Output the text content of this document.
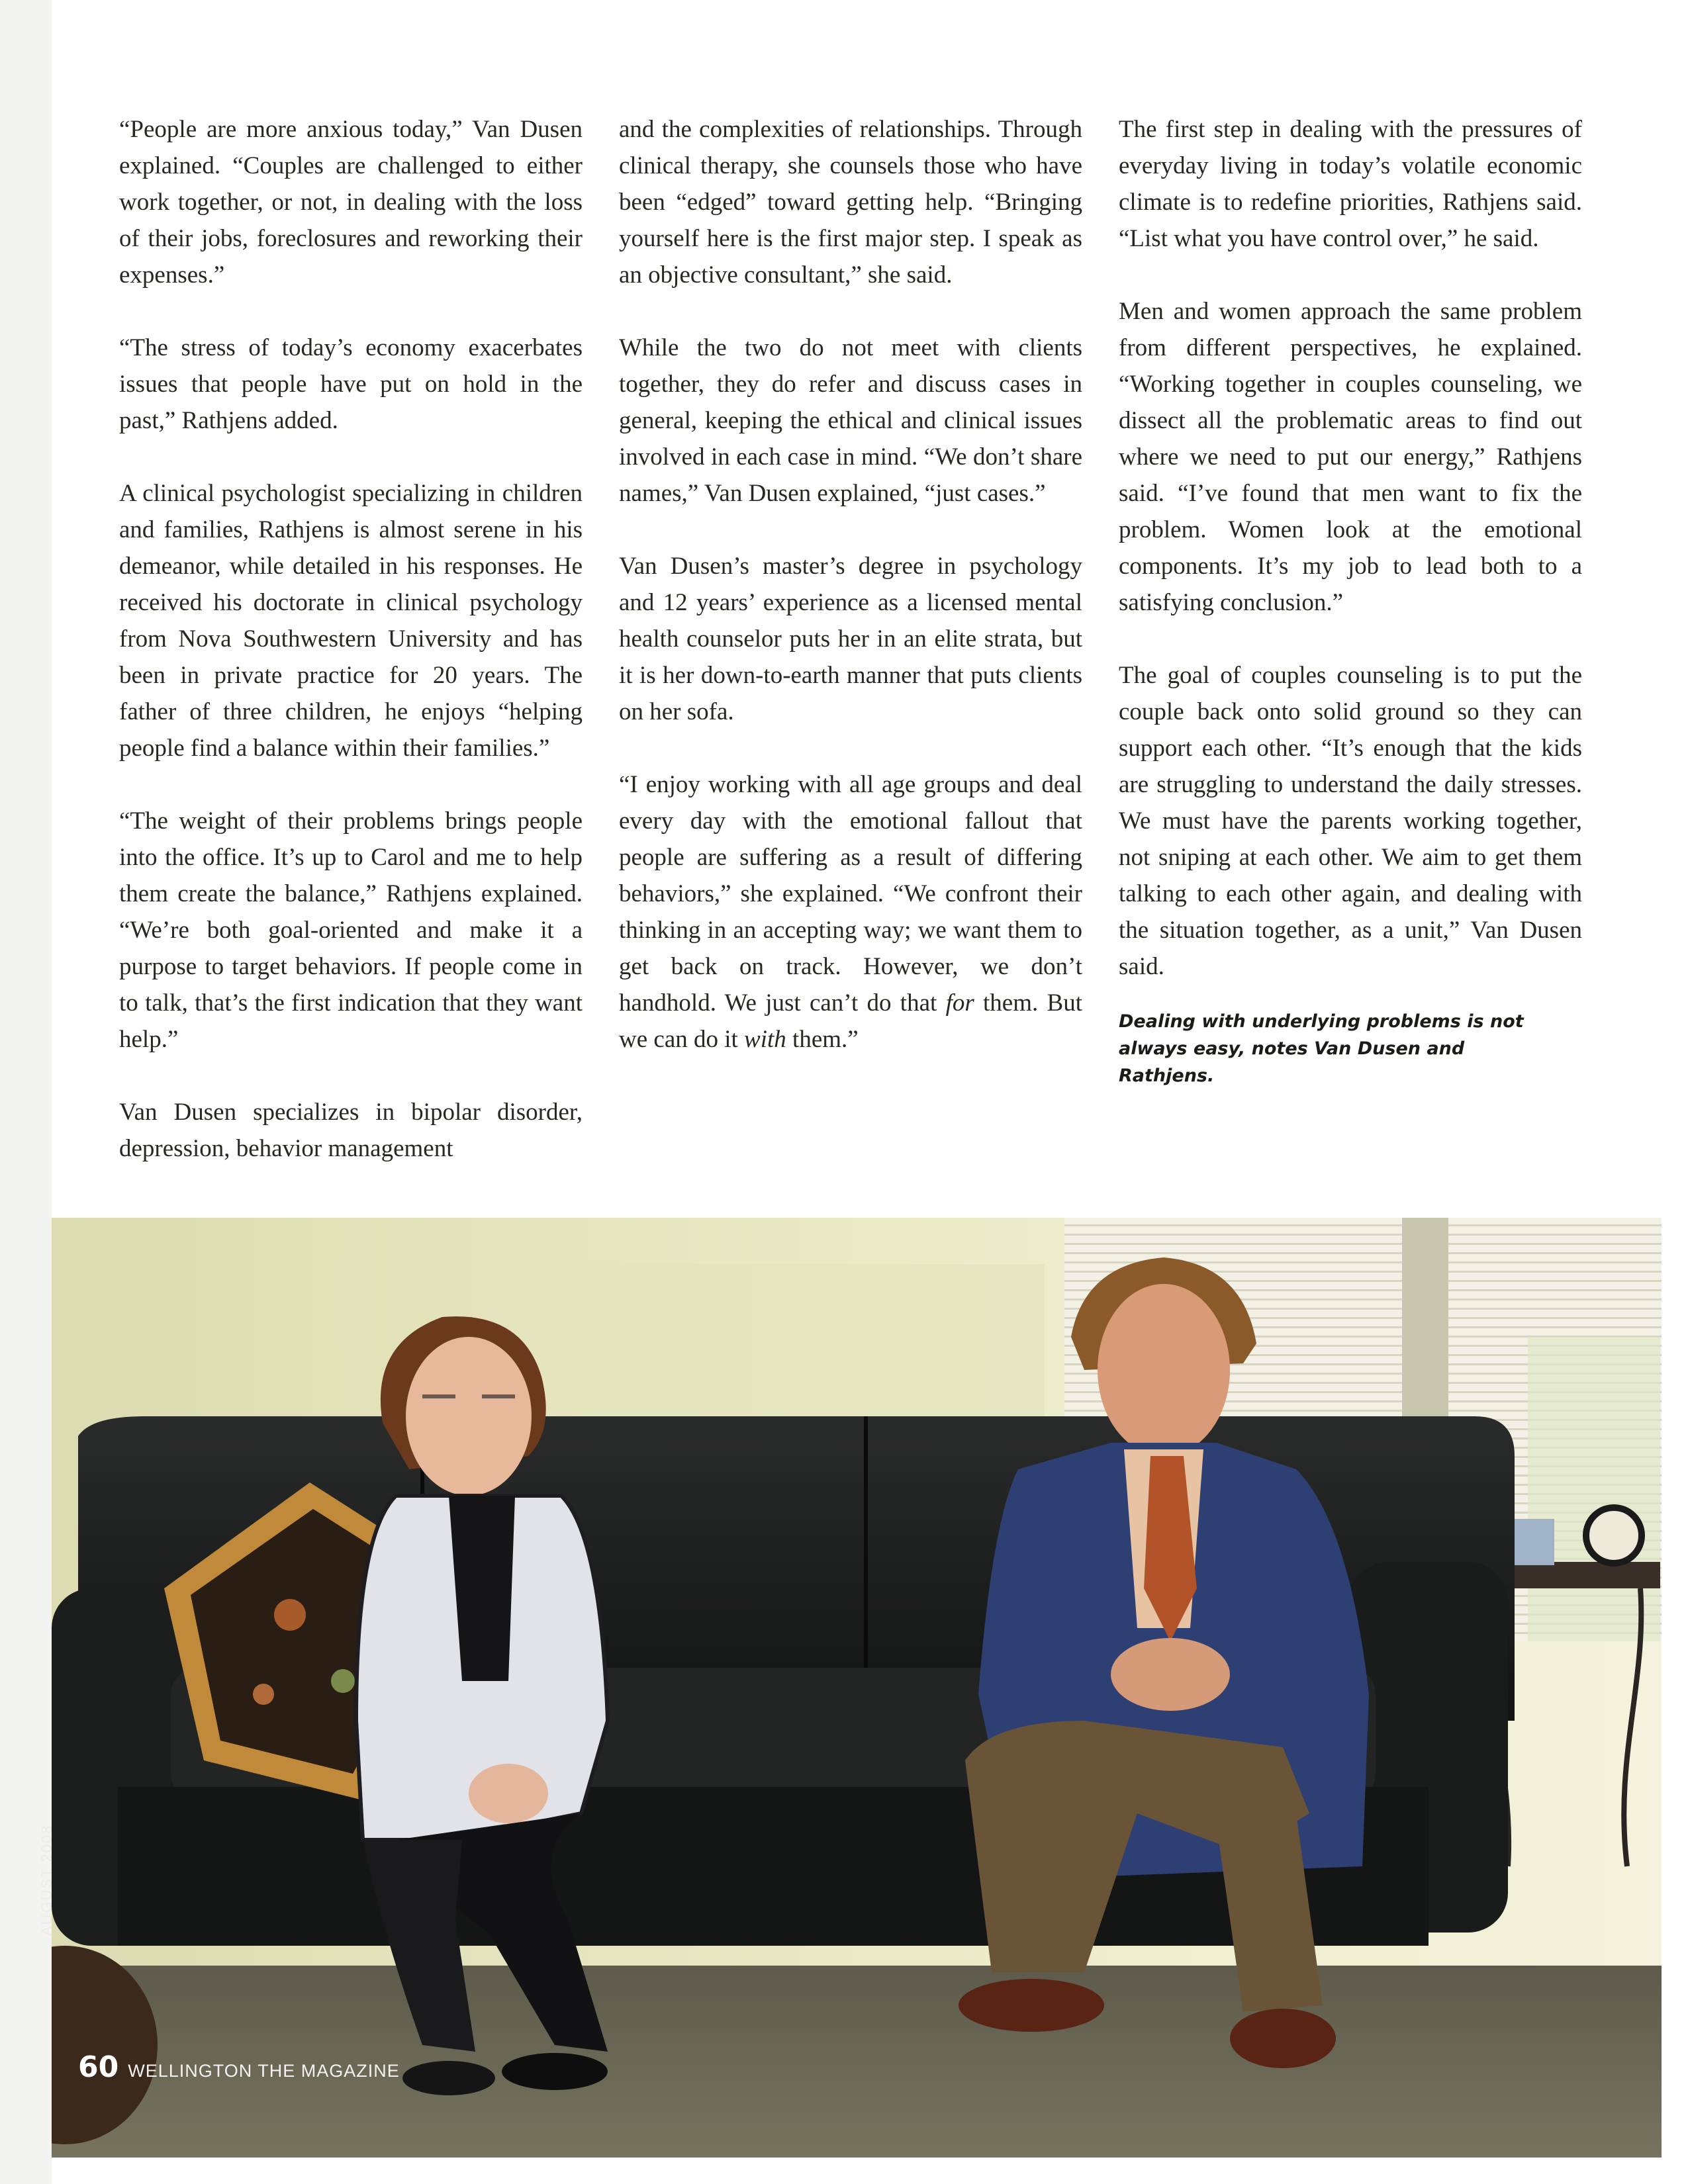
“People are more anxious today,” Van Dusen explained. “Couples are challenged to either work together, or not, in dealing with the loss of their jobs, foreclosures and reworking their expenses.”

“The stress of today’s economy exacerbates issues that people have put on hold in the past,” Rathjens added.

A clinical psychologist specializing in children and families, Rathjens is almost serene in his demeanor, while detailed in his responses. He received his doctorate in clinical psychology from Nova Southwestern University and has been in private practice for 20 years. The father of three children, he enjoys “helping people find a balance within their families.”

“The weight of their problems brings people into the office. It’s up to Carol and me to help them create the balance,” Rathjens explained. “We’re both goal-oriented and make it a purpose to target behaviors. If people come in to talk, that’s the first indication that they want help.”

Van Dusen specializes in bipolar disorder, depression, behavior management

and the complexities of relationships. Through clinical therapy, she counsels those who have been “edged” toward getting help. “Bringing yourself here is the first major step. I speak as an objective consultant,” she said.

While the two do not meet with clients together, they do refer and discuss cases in general, keeping the ethical and clinical issues involved in each case in mind. “We don’t share names,” Van Dusen explained, “just cases.”

Van Dusen’s master’s degree in psychology and 12 years’ experience as a licensed mental health counselor puts her in an elite strata, but it is her down-to-earth manner that puts clients on her sofa.

“I enjoy working with all age groups and deal every day with the emotional fallout that people are suffering as a result of differing behaviors,” she explained. “We confront their thinking in an accepting way; we want them to get back on track. However, we don’t handhold. We just can’t do that for them. But we can do it with them.”

The first step in dealing with the pressures of everyday living in today’s volatile economic climate is to redefine priorities, Rathjens said. “List what you have control over,” he said.

Men and women approach the same problem from different perspectives, he explained. “Working together in couples counseling, we dissect all the problematic areas to find out where we need to put our energy,” Rathjens said. “I’ve found that men want to fix the problem. Women look at the emotional components. It’s my job to lead both to a satisfying conclusion.”

The goal of couples counseling is to put the couple back onto solid ground so they can support each other. “It’s enough that the kids are struggling to understand the daily stresses. We must have the parents working together, not sniping at each other. We aim to get them talking to each other again, and dealing with the situation together, as a unit,” Van Dusen said.

Dealing with underlying problems is not always easy, notes Van Dusen and Rathjens.
AUGUST 2008
60 WELLINGTON THE MAGAZINE
